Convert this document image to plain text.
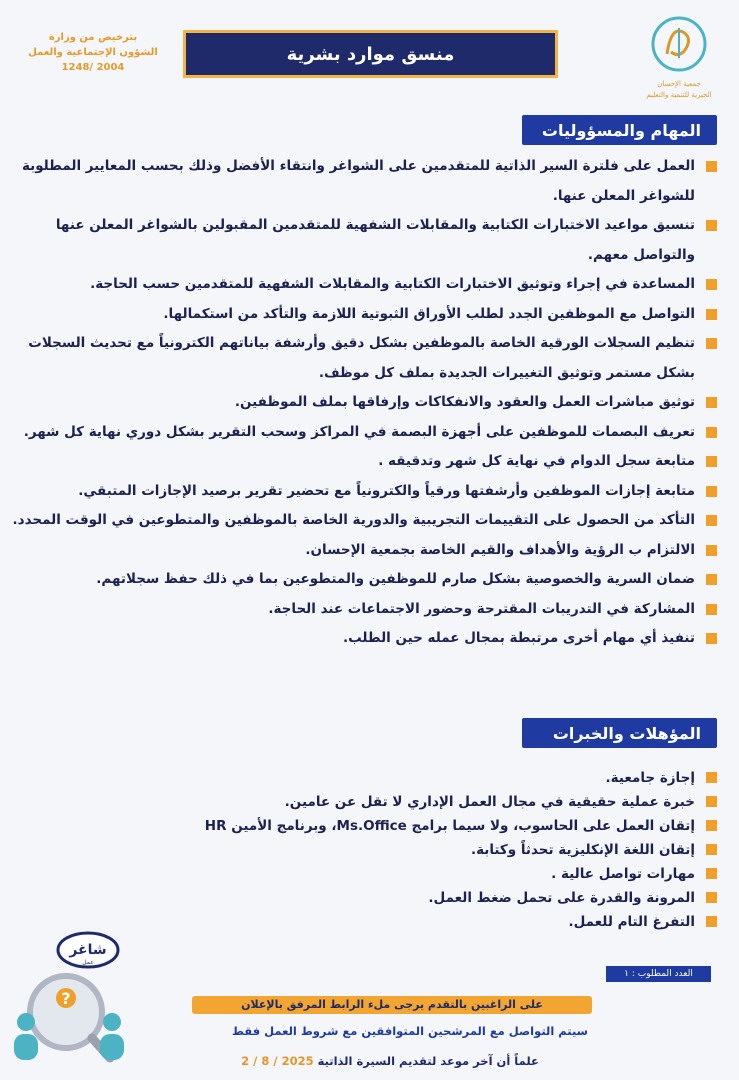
جمعية الإحسان
الخيرية للتنمية والتعليم
بترخيص من وزارة
الشؤون الإجتماعية والعمل
2004 /1248
منسق موارد بشرية
المهام والمسؤوليات
العمل على فلترة السير الذاتية للمتقدمين على الشواغر وانتقاء الأفضل وذلك بحسب المعايير المطلوبة للشواغر المعلن عنها.
تنسيق مواعيد الاختبارات الكتابية والمقابلات الشفهية للمتقدمين المقبولين بالشواغر المعلن عنها والتواصل معهم.
المساعدة في إجراء وتوثيق الاختبارات الكتابية والمقابلات الشفهية للمتقدمين حسب الحاجة.
التواصل مع الموظفين الجدد لطلب الأوراق الثبوتية اللازمة والتأكد من استكمالها.
تنظيم السجلات الورقية الخاصة بالموظفين بشكل دقيق وأرشفة بياناتهم الكترونياً مع تحديث السجلات بشكل مستمر وتوثيق التغييرات الجديدة بملف كل موظف.
توثيق مباشرات العمل والعقود والانفكاكات وإرفاقها بملف الموظفين.
تعريف البصمات للموظفين على أجهزة البصمة في المراكز وسحب التقرير بشكل دوري نهاية كل شهر.
متابعة سجل الدوام في نهاية كل شهر وتدقيقه .
متابعة إجازات الموظفين وأرشفتها ورقياً والكترونياً مع تحضير تقرير برصيد الإجازات المتبقي.
التأكد من الحصول على التقييمات التجريبية والدورية الخاصة بالموظفين والمتطوعين في الوقت المحدد.
الالتزام ب الرؤية والأهداف والقيم الخاصة بجمعية الإحسان.
ضمان السرية والخصوصية بشكل صارم للموظفين والمتطوعين بما في ذلك حفظ سجلاتهم.
المشاركة في التدريبات المقترحة وحضور الاجتماعات عند الحاجة.
تنفيذ أي مهام أخرى مرتبطة بمجال عمله حين الطلب.
المؤهلات والخبرات
إجازة جامعية.
خبرة عملية حقيقية في مجال العمل الإداري لا تقل عن عامين.
إتقان العمل على الحاسوب، ولا سيما برامج Ms.Office، وبرنامج الأمين HR
إتقان اللغة الإنكليزية تحدثاً وكتابة.
مهارات تواصل عالية .
المرونة والقدرة على تحمل ضغط العمل.
التفرغ التام للعمل.
العدد المطلوب : ١
?
شاغر
عمل
على الراغبين بالتقدم يرجى ملء الرابط المرفق بالإعلان
سيتم التواصل مع المرشحين المتوافقين مع شروط العمل فقط
علماً أن آخر موعد لتقديم السيرة الذاتية 2025 / 8 / 2
